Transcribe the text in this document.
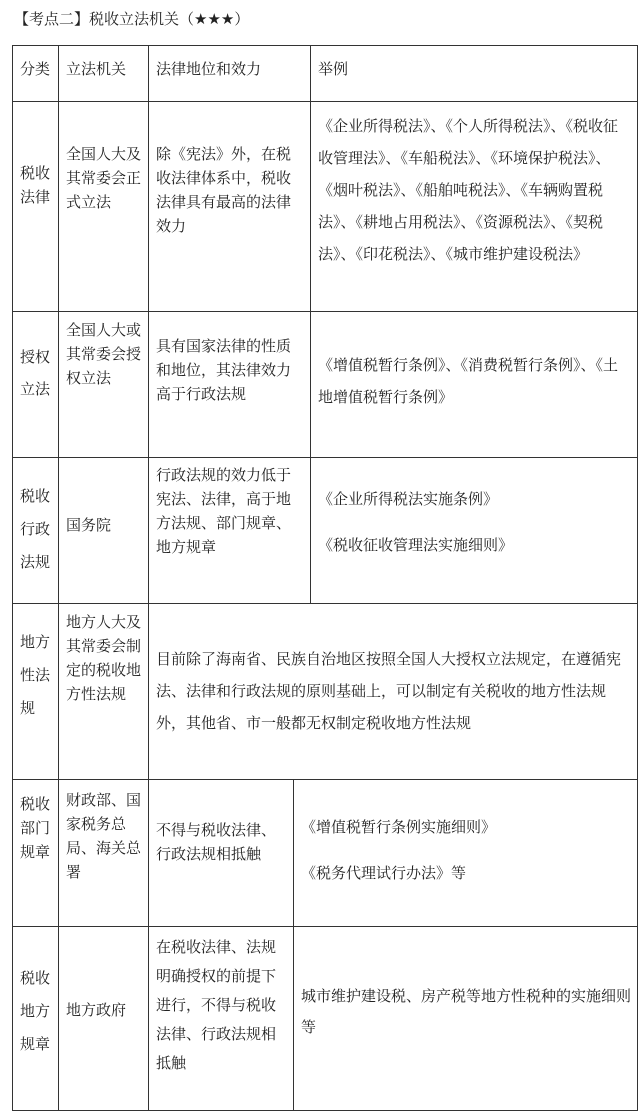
【考点二】税收立法机关（★★★）
分类 立法机关	法律地位和效力	举例
税收法律
全国人大及其常委会正式立法
除《宪法》外，在税收法律体系中，税收法律具有最高的法律效力
《企业所得税法》、《个人所得税法》、《税收征收管理法》、《车船税法》、《环境保护税法》、《烟叶税法》、《船舶吨税法》、《车辆购置税法》、《耕地占用税法》、《资源税法》、《契税法》、《印花税法》、《城市维护建设税法》
授权立法
全国人大或其常委会授权立法
具有国家法律的性质和地位，其法律效力高于行政法规
《增值税暂行条例》、《消费税暂行条例》、《土地增值税暂行条例》
税收行政法规
国务院
行政法规的效力低于宪法、法律，高于地方法规、部门规章、地方规章
《企业所得税法实施条例》
《税收征收管理法实施细则》
地方性法规
地方人大及其常委会制定的税收地方性法规
目前除了海南省、民族自治地区按照全国人大授权立法规定，在遵循宪法、法律和行政法规的原则基础上，可以制定有关税收的地方性法规外，其他省、市一般都无权制定税收地方性法规
税收部门规章
财政部、国家税务总局、海关总署
不得与税收法律、行政法规相抵触
《增值税暂行条例实施细则》
《税务代理试行办法》等
税收地方规章
地方政府
在税收法律、法规明确授权的前提下进行，不得与税收法律、行政法规相抵触
城市维护建设税、房产税等地方性税种的实施细则等
